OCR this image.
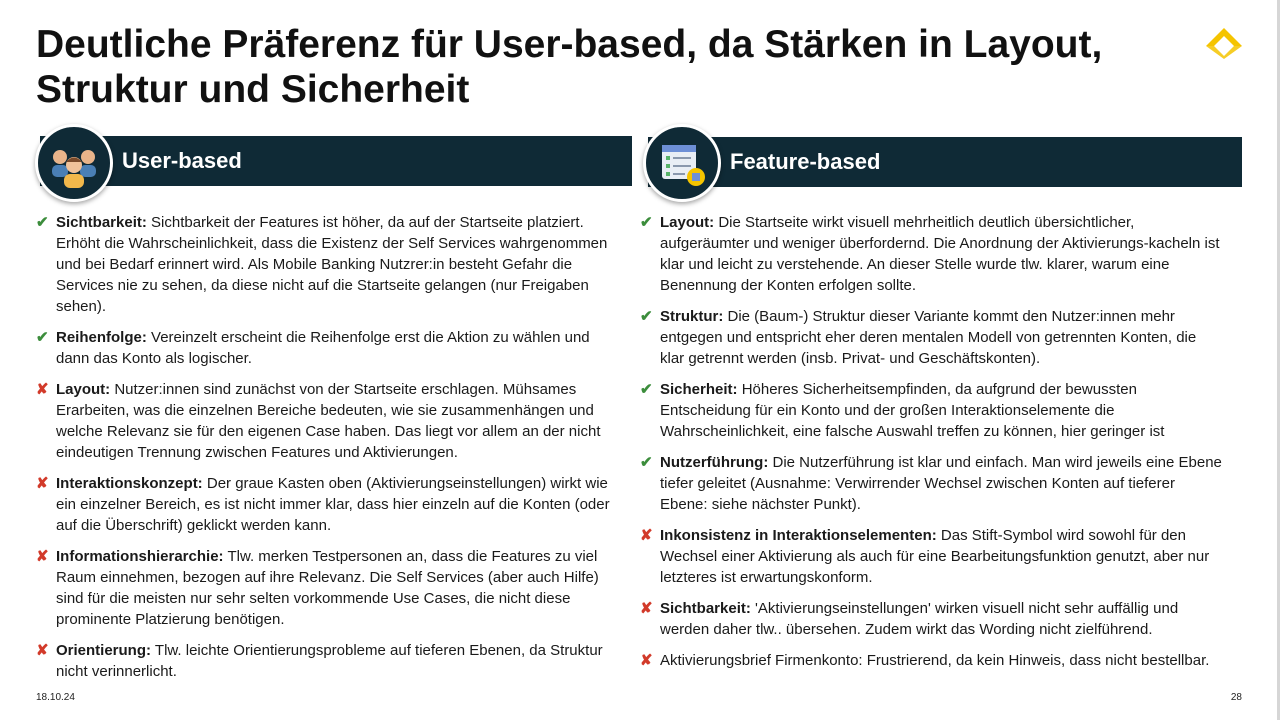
Deutliche Präferenz für User-based, da Stärken in Layout, Struktur und Sicherheit
User-based
✔ Sichtbarkeit: Sichtbarkeit der Features ist höher, da auf der Startseite platziert. Erhöht die Wahrscheinlichkeit, dass die Existenz der Self Services wahrgenommen und bei Bedarf erinnert wird. Als Mobile Banking Nutzrer:in besteht Gefahr die Services nie zu sehen, da diese nicht auf die Startseite gelangen (nur Freigaben sehen).
✔ Reihenfolge: Vereinzelt erscheint die Reihenfolge erst die Aktion zu wählen und dann das Konto als logischer.
✘ Layout: Nutzer:innen sind zunächst von der Startseite erschlagen. Mühsames Erarbeiten, was die einzelnen Bereiche bedeuten, wie sie zusammenhängen und welche Relevanz sie für den eigenen Case haben. Das liegt vor allem an der nicht eindeutigen Trennung zwischen Features und Aktivierungen.
✘ Interaktionskonzept: Der graue Kasten oben (Aktivierungseinstellungen) wirkt wie ein einzelner Bereich, es ist nicht immer klar, dass hier einzeln auf die Konten (oder auf die Überschrift) geklickt werden kann.
✘ Informationshierarchie: Tlw. merken Testpersonen an, dass die Features zu viel Raum einnehmen, bezogen auf ihre Relevanz. Die Self Services (aber auch Hilfe) sind für die meisten nur sehr selten vorkommende Use Cases, die nicht diese prominente Platzierung benötigen.
✘ Orientierung: Tlw. leichte Orientierungsprobleme auf tieferen Ebenen, da Struktur nicht verinnerlicht.
Feature-based
✔ Layout: Die Startseite wirkt visuell mehrheitlich deutlich übersichtlicher, aufgeräumter und weniger überfordernd. Die Anordnung der Aktivierungs-kacheln ist klar und leicht zu verstehende. An dieser Stelle wurde tlw. klarer, warum eine Benennung der Konten erfolgen sollte.
✔ Struktur: Die (Baum-) Struktur dieser Variante kommt den Nutzer:innen mehr entgegen und entspricht eher deren mentalen Modell von getrennten Konten, die klar getrennt werden (insb. Privat- und Geschäftskonten).
✔ Sicherheit: Höheres Sicherheitsempfinden, da aufgrund der bewussten Entscheidung für ein Konto und der großen Interaktionselemente die Wahrscheinlichkeit, eine falsche Auswahl treffen zu können, hier geringer ist
✔ Nutzerführung: Die Nutzerführung ist klar und einfach. Man wird jeweils eine Ebene tiefer geleitet (Ausnahme: Verwirrender Wechsel zwischen Konten auf tieferer Ebene: siehe nächster Punkt).
✘ Inkonsistenz in Interaktionselementen: Das Stift-Symbol wird sowohl für den Wechsel einer Aktivierung als auch für eine Bearbeitungsfunktion genutzt, aber nur letzteres ist erwartungskonform.
✘ Sichtbarkeit: 'Aktivierungseinstellungen' wirken visuell nicht sehr auffällig und werden daher tlw.. übersehen. Zudem wirkt das Wording nicht zielführend.
✘ Aktivierungsbrief Firmenkonto: Frustrierend, da kein Hinweis, dass nicht bestellbar.
18.10.24	28
